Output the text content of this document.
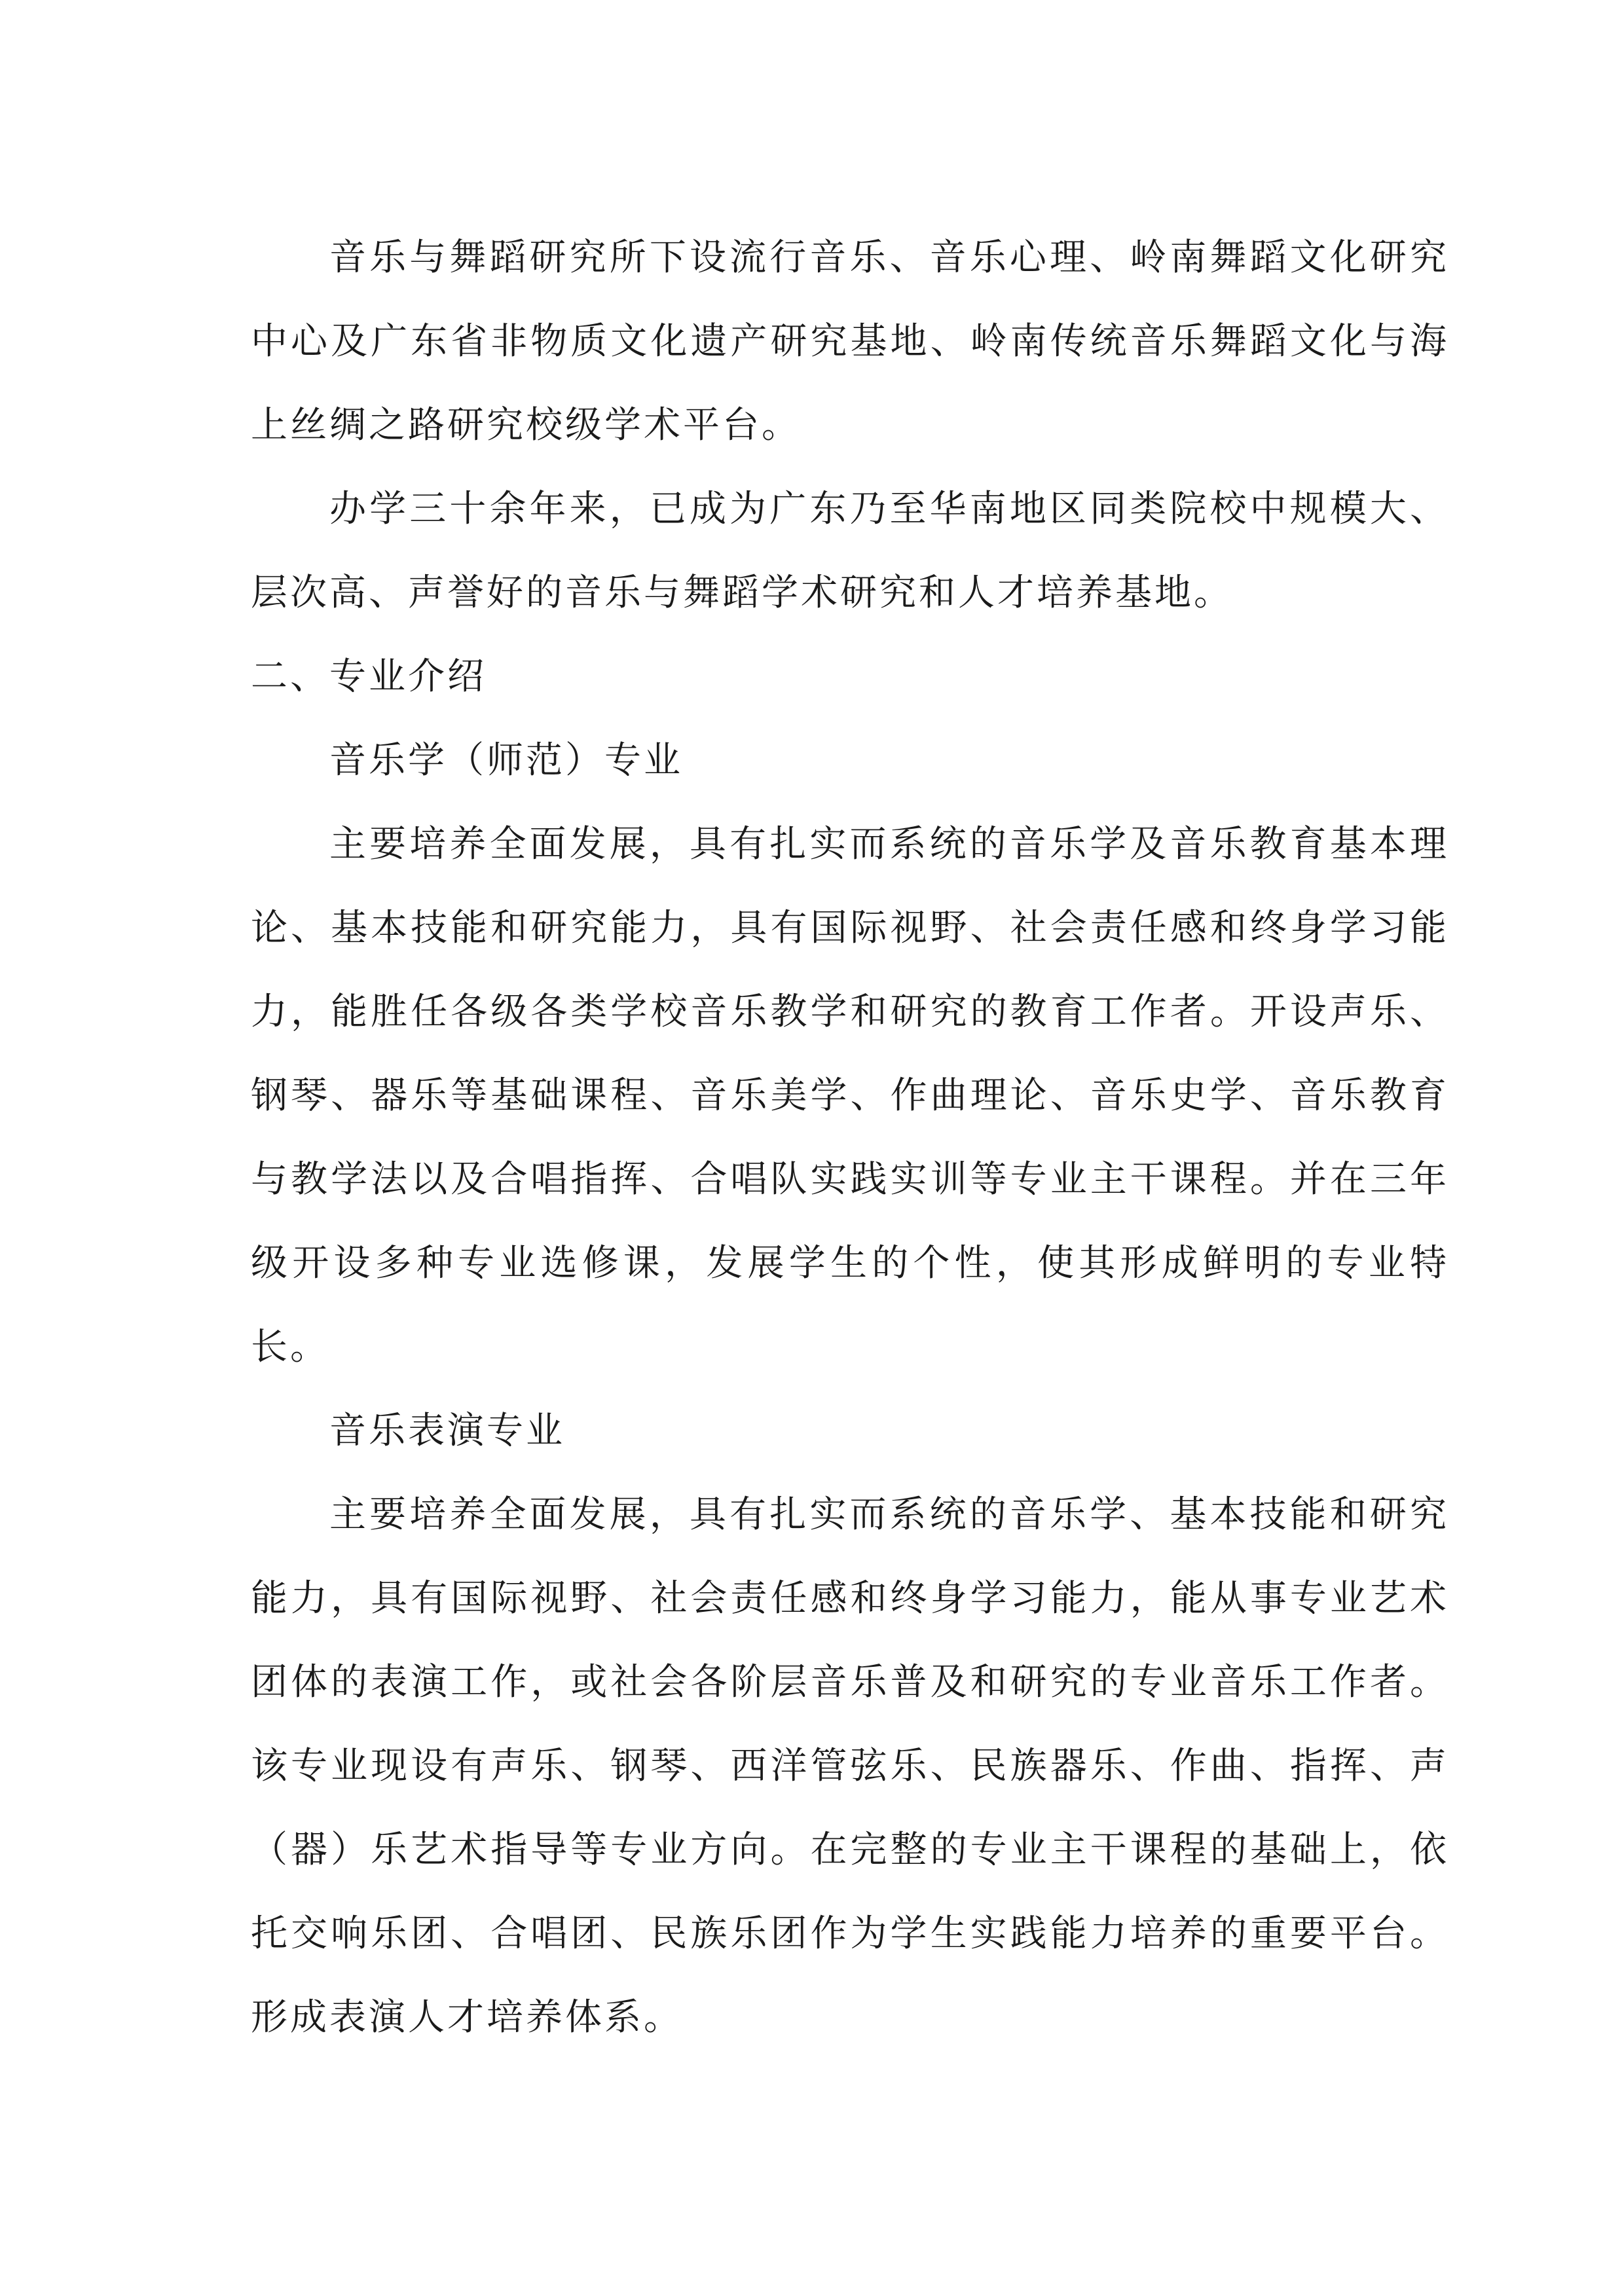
音乐与舞蹈研究所下设流行音乐、音乐心理、岭南舞蹈文化研究中心及广东省非物质文化遗产研究基地、岭南传统音乐舞蹈文化与海上丝绸之路研究校级学术平台。

办学三十余年来，已成为广东乃至华南地区同类院校中规模大、层次高、声誉好的音乐与舞蹈学术研究和人才培养基地。

二、专业介绍

音乐学（师范）专业

主要培养全面发展，具有扎实而系统的音乐学及音乐教育基本理论、基本技能和研究能力，具有国际视野、社会责任感和终身学习能力，能胜任各级各类学校音乐教学和研究的教育工作者。开设声乐、钢琴、器乐等基础课程、音乐美学、作曲理论、音乐史学、音乐教育与教学法以及合唱指挥、合唱队实践实训等专业主干课程。并在三年级开设多种专业选修课，发展学生的个性，使其形成鲜明的专业特长。

音乐表演专业

主要培养全面发展，具有扎实而系统的音乐学、基本技能和研究能力，具有国际视野、社会责任感和终身学习能力，能从事专业艺术团体的表演工作，或社会各阶层音乐普及和研究的专业音乐工作者。该专业现设有声乐、钢琴、西洋管弦乐、民族器乐、作曲、指挥、声（器）乐艺术指导等专业方向。在完整的专业主干课程的基础上，依托交响乐团、合唱团、民族乐团作为学生实践能力培养的重要平台。形成表演人才培养体系。
